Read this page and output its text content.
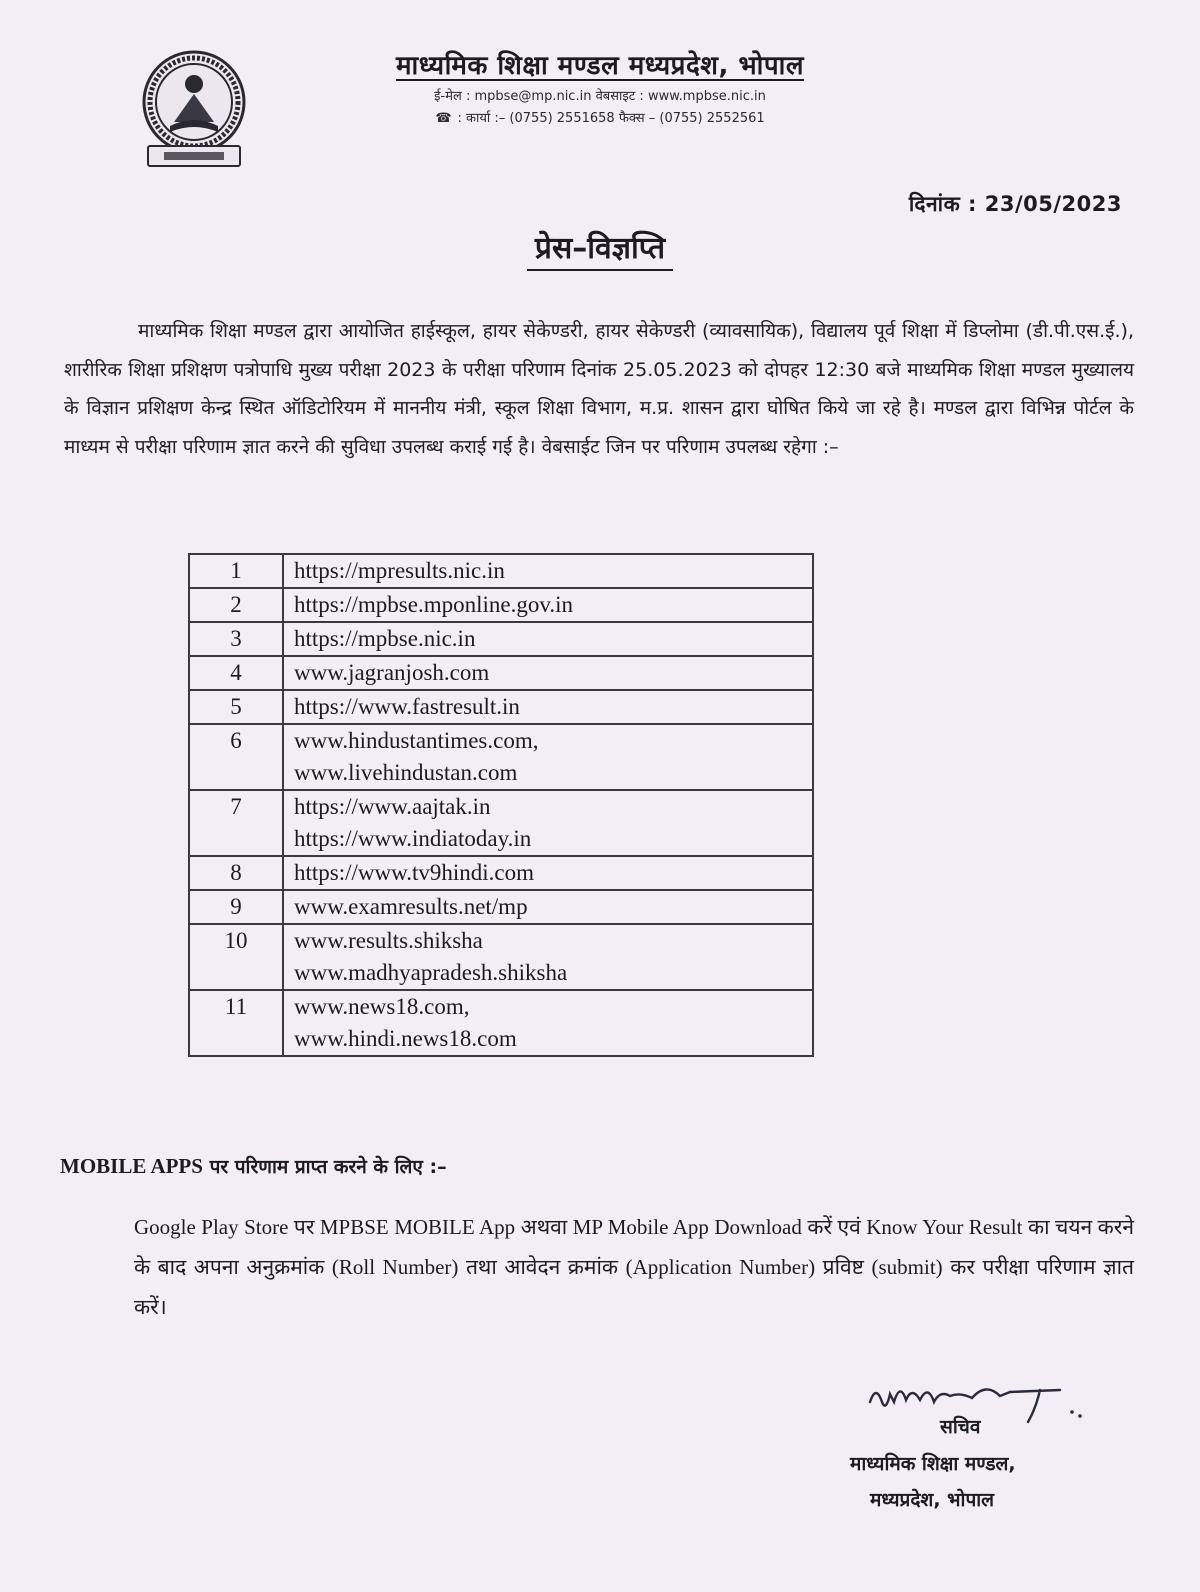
माध्यमिक शिक्षा मण्डल मध्यप्रदेश, भोपाल
ई-मेल : mpbse@mp.nic.in वेबसाइट : www.mpbse.nic.in
☎ : कार्या :– (0755) 2551658 फैक्स – (0755) 2552561
दिनांक : 23/05/2023
प्रेस–विज्ञप्ति
माध्यमिक शिक्षा मण्डल द्वारा आयोजित हाईस्कूल, हायर सेकेण्डरी, हायर सेकेण्डरी (व्यावसायिक), विद्यालय पूर्व शिक्षा में डिप्लोमा (डी.पी.एस.ई.), शारीरिक शिक्षा प्रशिक्षण पत्रोपाधि मुख्य परीक्षा 2023 के परीक्षा परिणाम दिनांक 25.05.2023 को दोपहर 12:30 बजे माध्यमिक शिक्षा मण्डल मुख्यालय के विज्ञान प्रशिक्षण केन्द्र स्थित ऑडिटोरियम में माननीय मंत्री, स्कूल शिक्षा विभाग, म.प्र. शासन द्वारा घोषित किये जा रहे है। मण्डल द्वारा विभिन्न पोर्टल के माध्यम से परीक्षा परिणाम ज्ञात करने की सुविधा उपलब्ध कराई गई है। वेबसाईट जिन पर परिणाम उपलब्ध रहेगा :–
1	https://mpresults.nic.in

2	https://mpbse.mponline.gov.in

3	https://mpbse.nic.in

4	www.jagranjosh.com

5	https://www.fastresult.in

6	www.hindustantimes.com,
www.livehindustan.com

7	https://www.aajtak.in
https://www.indiatoday.in

8	https://www.tv9hindi.com

9	www.examresults.net/mp

10	www.results.shiksha
www.madhyapradesh.shiksha

11	www.news18.com,
www.hindi.news18.com
MOBILE APPS पर परिणाम प्राप्त करने के लिए :–
Google Play Store पर MPBSE MOBILE App अथवा MP Mobile App Download करें एवं Know Your Result का चयन करने के बाद अपना अनुक्रमांक (Roll Number) तथा आवेदन क्रमांक (Application Number) प्रविष्ट (submit) कर परीक्षा परिणाम ज्ञात करें।
सचिव
माध्यमिक शिक्षा मण्डल,
मध्यप्रदेश, भोपाल
